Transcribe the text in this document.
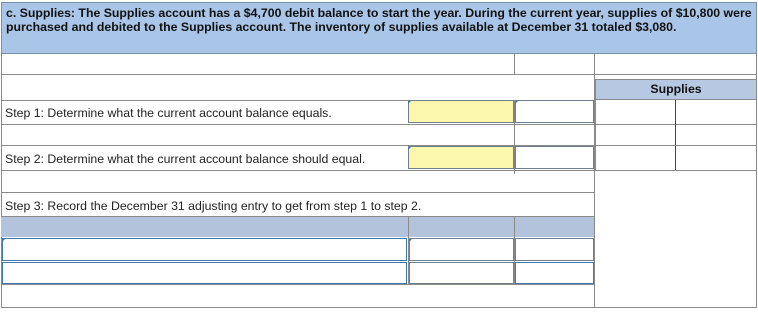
c. Supplies: The Supplies account has a $4,700 debit balance to start the year. During the current year, supplies of $10,800 were purchased and debited to the Supplies account. The inventory of supplies available at December 31 totaled $3,080.
Supplies
Step 1: Determine what the current account balance equals.
Step 2: Determine what the current account balance should equal.
Step 3: Record the December 31 adjusting entry to get from step 1 to step 2.
